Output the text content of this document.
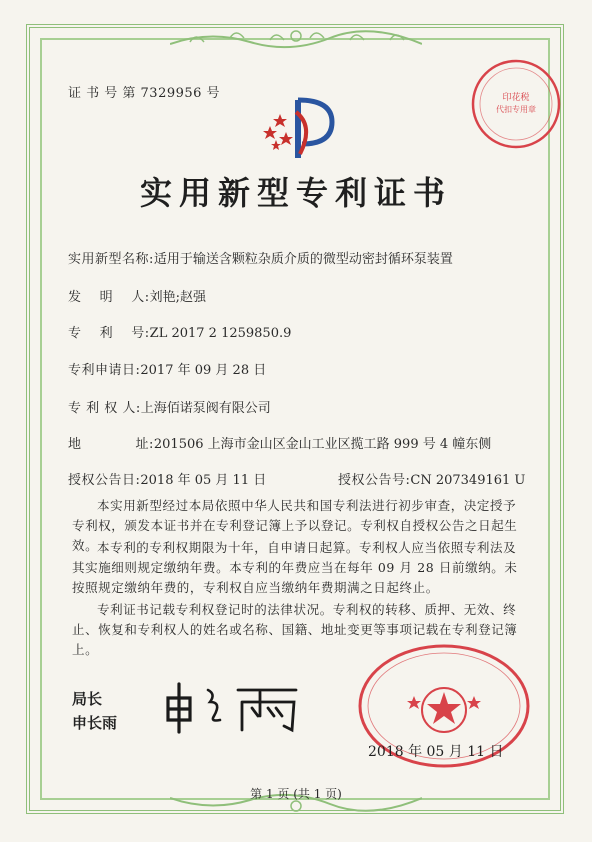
证 书 号 第 7329956 号	印花税
代扣专用章
实用新型专利证书
实用新型名称:适用于输送含颗粒杂质介质的微型动密封循环泵装置
发　 明　 人:刘艳;赵强
专　 利　 号:ZL 2017 2 1259850.9
专利申请日:2017 年 09 月 28 日
专 利 权 人:上海佰诺泵阀有限公司
地　　　　址:201506 上海市金山区金山工业区揽工路 999 号 4 幢东侧
授权公告日:2018 年 05 月 11 日	授权公告号:CN 207349161 U
本实用新型经过本局依照中华人民共和国专利法进行初步审查，决定授予专利权，颁发本证书并在专利登记簿上予以登记。专利权自授权公告之日起生效。
本专利的专利权期限为十年，自申请日起算。专利权人应当依照专利法及其实施细则规定缴纳年费。本专利的年费应当在每年 09 月 28 日前缴纳。未按照规定缴纳年费的，专利权自应当缴纳年费期满之日起终止。
专利证书记载专利权登记时的法律状况。专利权的转移、质押、无效、终止、恢复和专利权人的姓名或名称、国籍、地址变更等事项记载在专利登记簿上。
局长
申长雨
2018 年 05 月 11 日
第 1 页 (共 1 页)
